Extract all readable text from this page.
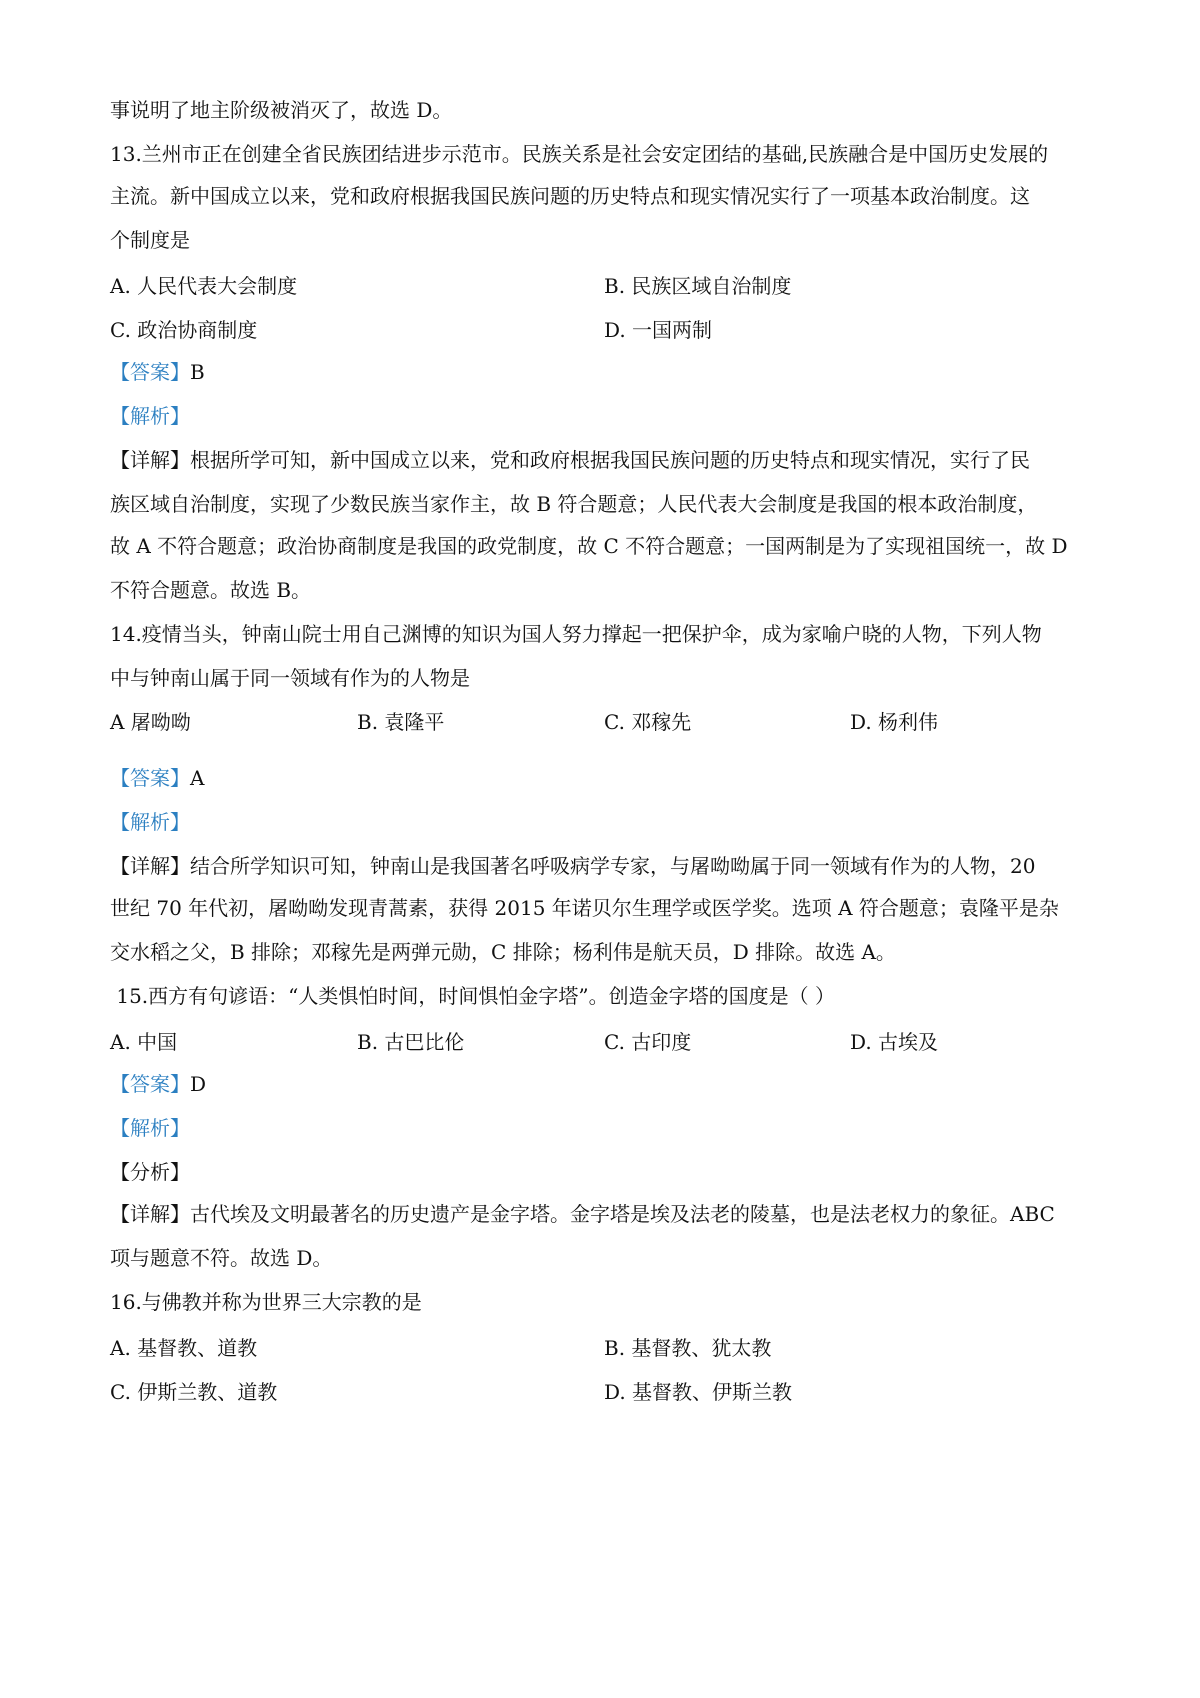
事说明了地主阶级被消灭了，故选 D。
13.兰州市正在创建全省民族团结进步示范市。民族关系是社会安定团结的基础,民族融合是中国历史发展的
主流。新中国成立以来，党和政府根据我国民族问题的历史特点和现实情况实行了一项基本政治制度。这
个制度是
A. 人民代表大会制度	B. 民族区域自治制度
C. 政治协商制度	D. 一国两制
【答案】B
【解析】
【详解】根据所学可知，新中国成立以来，党和政府根据我国民族问题的历史特点和现实情况，实行了民
族区域自治制度，实现了少数民族当家作主，故 B 符合题意；人民代表大会制度是我国的根本政治制度，
故 A 不符合题意；政治协商制度是我国的政党制度，故 C 不符合题意；一国两制是为了实现祖国统一，故 D
不符合题意。故选 B。
14.疫情当头，钟南山院士用自己渊博的知识为国人努力撑起一把保护伞，成为家喻户晓的人物，下列人物
中与钟南山属于同一领域有作为的人物是
A 屠呦呦	B. 袁隆平	C. 邓稼先	D. 杨利伟
【答案】A
【解析】
【详解】结合所学知识可知，钟南山是我国著名呼吸病学专家，与屠呦呦属于同一领域有作为的人物，20
世纪 70 年代初，屠呦呦发现青蒿素，获得 2015 年诺贝尔生理学或医学奖。选项 A 符合题意；袁隆平是杂
交水稻之父，B 排除；邓稼先是两弹元勋，C 排除；杨利伟是航天员，D 排除。故选 A。
15.西方有句谚语：“人类惧怕时间，时间惧怕金字塔”。创造金字塔的国度是（ ）
A. 中国	B. 古巴比伦	C. 古印度	D. 古埃及
【答案】D
【解析】
【分析】
【详解】古代埃及文明最著名的历史遗产是金字塔。金字塔是埃及法老的陵墓，也是法老权力的象征。ABC
项与题意不符。故选 D。
16.与佛教并称为世界三大宗教的是
A. 基督教、道教	B. 基督教、犹太教
C. 伊斯兰教、道教	D. 基督教、伊斯兰教
